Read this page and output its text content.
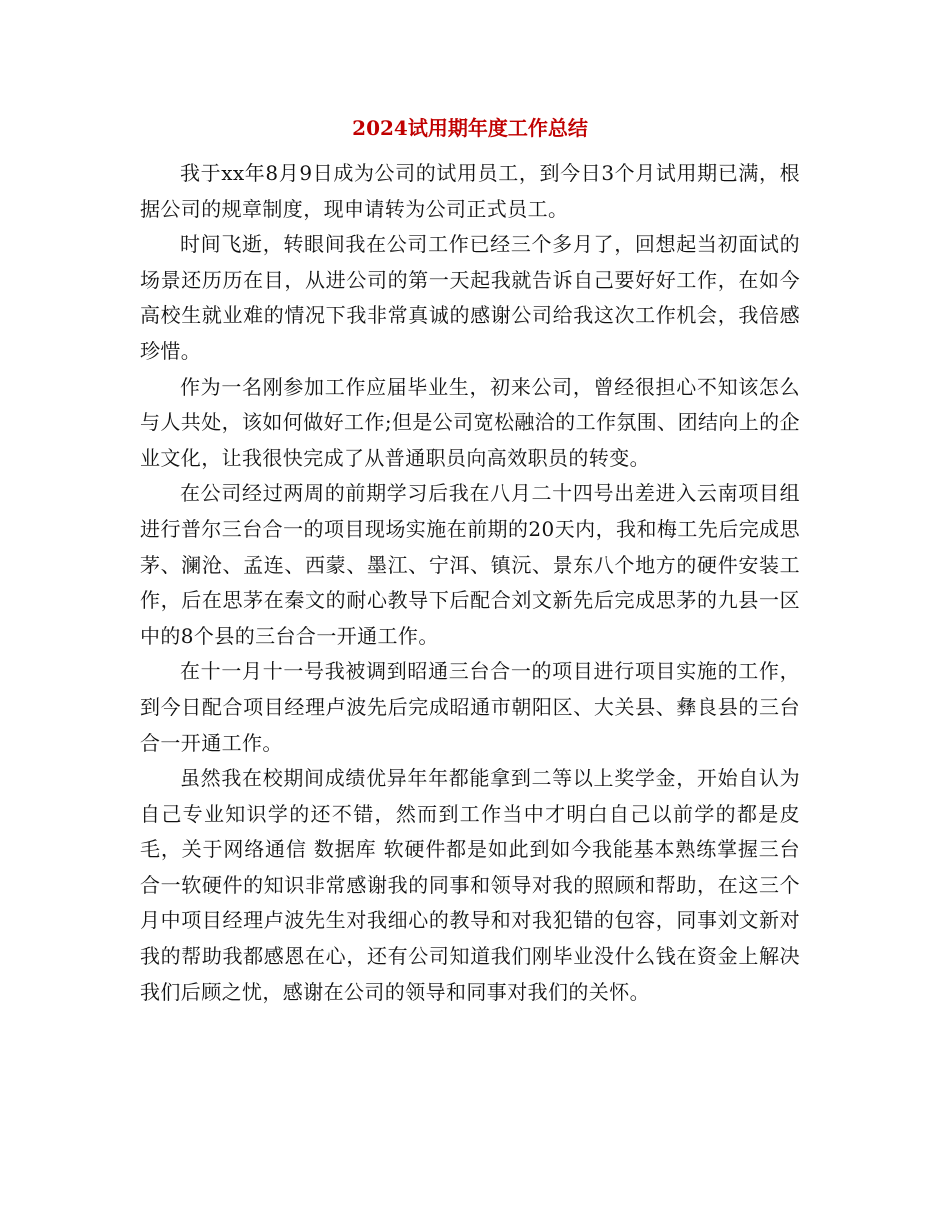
2024试用期年度工作总结

我于xx年8月9日成为公司的试用员工，到今日3个月试用期已满，根据公司的规章制度，现申请转为公司正式员工。

时间飞逝，转眼间我在公司工作已经三个多月了，回想起当初面试的场景还历历在目，从进公司的第一天起我就告诉自己要好好工作，在如今高校生就业难的情况下我非常真诚的感谢公司给我这次工作机会，我倍感珍惜。

作为一名刚参加工作应届毕业生，初来公司，曾经很担心不知该怎么与人共处，该如何做好工作;但是公司宽松融洽的工作氛围、团结向上的企业文化，让我很快完成了从普通职员向高效职员的转变。

在公司经过两周的前期学习后我在八月二十四号出差进入云南项目组进行普尔三台合一的项目现场实施在前期的20天内，我和梅工先后完成思茅、澜沧、孟连、西蒙、墨江、宁洱、镇沅、景东八个地方的硬件安装工作，后在思茅在秦文的耐心教导下后配合刘文新先后完成思茅的九县一区中的8个县的三台合一开通工作。

在十一月十一号我被调到昭通三台合一的项目进行项目实施的工作，到今日配合项目经理卢波先后完成昭通市朝阳区、大关县、彝良县的三台合一开通工作。

虽然我在校期间成绩优异年年都能拿到二等以上奖学金，开始自认为自己专业知识学的还不错，然而到工作当中才明白自己以前学的都是皮毛，关于网络通信 数据库 软硬件都是如此到如今我能基本熟练掌握三台合一软硬件的知识非常感谢我的同事和领导对我的照顾和帮助，在这三个月中项目经理卢波先生对我细心的教导和对我犯错的包容，同事刘文新对我的帮助我都感恩在心，还有公司知道我们刚毕业没什么钱在资金上解决我们后顾之忧，感谢在公司的领导和同事对我们的关怀。
